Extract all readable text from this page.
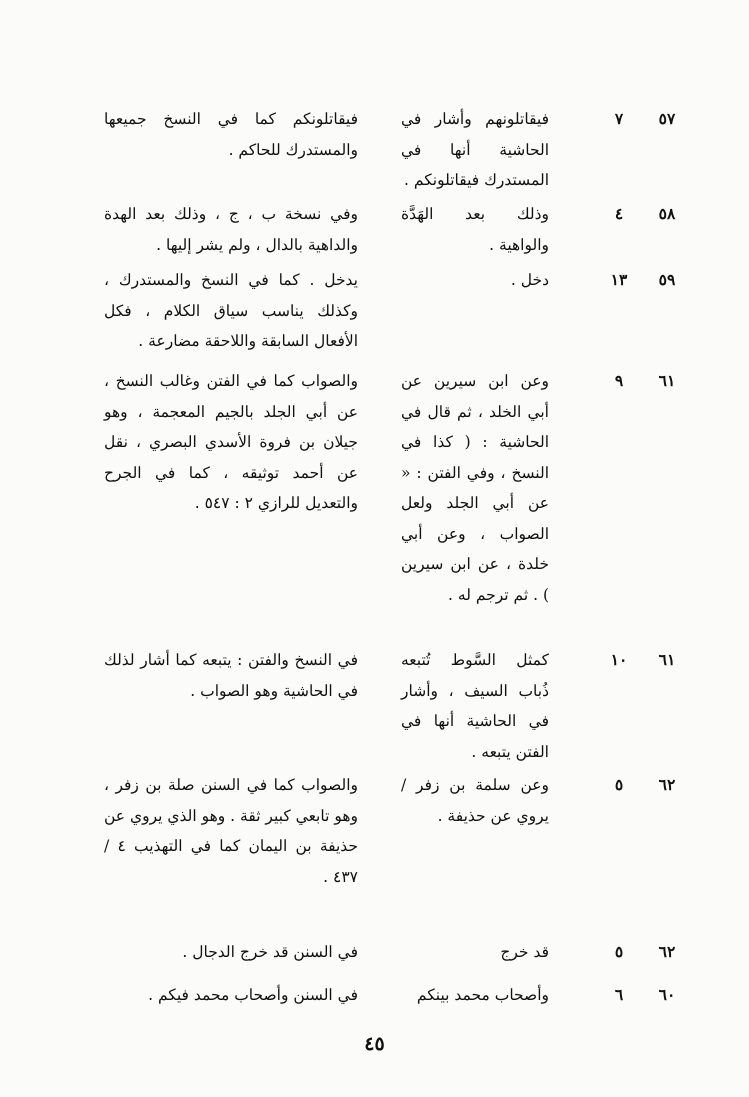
٥٧
٧
فيقاتلونهم وأشار في الحاشية أنها في المستدرك فيقاتلونكم .
فيقاتلونكم كما في النسخ جميعها والمستدرك للحاكم .
٥٨
٤
وذلك بعد الهَدَّة والواهية .
وفي نسخة ب ، ج ، وذلك بعد الهدة والداهية بالدال ، ولم يشر إليها .
٥٩
١٣
دخل .
يدخل . كما في النسخ والمستدرك ، وكذلك يناسب سياق الكلام ، فكل الأفعال السابقة واللاحقة مضارعة .
٦١
٩
وعن ابن سيرين عن أبي الخلد ، ثم قال في الحاشية : ( كذا في النسخ ، وفي الفتن : « عن أبي الجلد ولعل الصواب ، وعن أبي خلدة ، عن ابن سيرين ) . ثم ترجم له .
والصواب كما في الفتن وغالب النسخ ، عن أبي الجلد بالجيم المعجمة ، وهو جيلان بن فروة الأسدي البصري ، نقل عن أحمد توثيقه ، كما في الجرح والتعديل للرازي ٢ : ٥٤٧ .
٦١
١٠
كمثل السَّوط تُتبعه ذُباب السيف ، وأشار في الحاشية أنها في الفتن يتبعه .
في النسخ والفتن : يتبعه كما أشار لذلك في الحاشية وهو الصواب .
٦٢
٥
وعن سلمة بن زفر / يروي عن حذيفة .
والصواب كما في السنن صلة بن زفر ، وهو تابعي كبير ثقة . وهو الذي يروي عن حذيفة بن اليمان كما في التهذيب ٤ / ٤٣٧ .
٦٢
٥
قد خرج
في السنن قد خرج الدجال .
٦٠
٦
وأصحاب محمد بينكم
في السنن وأصحاب محمد فيكم .
٤٥
